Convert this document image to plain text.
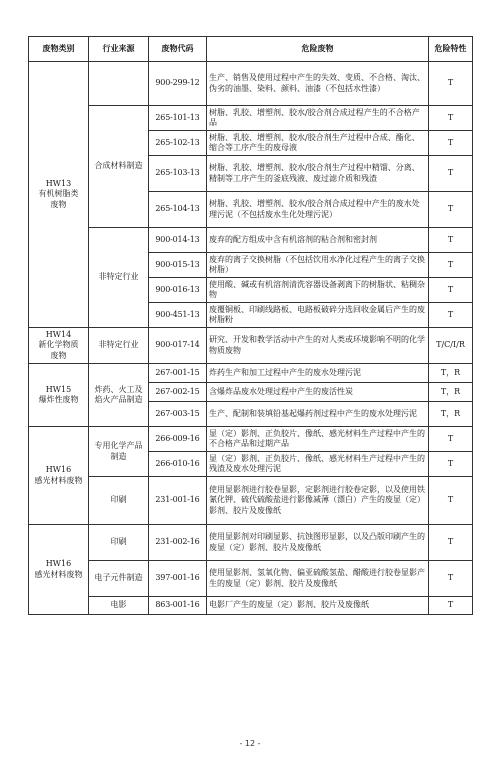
废物类别	行业来源	废物代码	危险废物	危险特性
HW13
有机树脂类
废物		900-299-12	生产、销售及使用过程中产生的失效、变质、不合格、淘汰、伪劣的油墨、染料、颜料、油漆（不包括水性漆）	T
	合成材料制造	265-101-13	树脂、乳胶、增塑剂、胶水/胶合剂合成过程产生的不合格产品	T
		265-102-13	树脂、乳胶、增塑剂、胶水/胶合剂生产过程中合成、酯化、缩合等工序产生的废母液	T
		265-103-13	树脂、乳胶、增塑剂、胶水/胶合剂生产过程中精馏、分离、精制等工序产生的釜底残液、废过滤介质和残渣	T
		265-104-13	树脂、乳胶、增塑剂、胶水/胶合剂合成过程中产生的废水处理污泥（不包括废水生化处理污泥）	T
	非特定行业	900-014-13	废弃的配方组成中含有机溶剂的粘合剂和密封剂	T
		900-015-13	废弃的离子交换树脂（不包括饮用水净化过程产生的离子交换树脂）	T
		900-016-13	使用酸、碱或有机溶剂清洗容器设备剥离下的树脂状、粘稠杂物	T
		900-451-13	废覆铜板、印刷线路板、电路板破碎分选回收金属后产生的废树脂粉	T
HW14
新化学物质
废物	非特定行业	900-017-14	研究、开发和教学活动中产生的对人类或环境影响不明的化学物质废物	T/C/I/R
HW15
爆炸性废物	炸药、火工及焰火产品制造	267-001-15	炸药生产和加工过程中产生的废水处理污泥	T，R
		267-002-15	含爆炸品废水处理过程中产生的废活性炭	T，R
		267-003-15	生产、配制和装填铅基起爆药剂过程中产生的废水处理污泥	T，R
HW16
感光材料废物	专用化学产品制造	266-009-16	显（定）影剂、正负胶片、像纸、感光材料生产过程中产生的不合格产品和过期产品	T
		266-010-16	显（定）影剂、正负胶片、像纸、感光材料生产过程中产生的残渣及废水处理污泥	T
	印刷	231-001-16	使用显影剂进行胶卷显影，定影剂进行胶卷定影，以及使用铁氰化钾、硫代硫酸盐进行影像减薄（漂白）产生的废显（定）影剂、胶片及废像纸	T
HW16
感光材料废物	印刷	231-002-16	使用显影剂对印刷显影、抗蚀图形显影，以及凸版印刷产生的废显（定）影剂、胶片及废像纸	T
	电子元件制造	397-001-16	使用显影剂、氢氧化物、偏亚硫酸氢盐、醋酸进行胶卷显影产生的废显（定）影剂、胶片及废像纸	T
	电影	863-001-16	电影厂产生的废显（定）影剂、胶片及废像纸	T
- 12 -
